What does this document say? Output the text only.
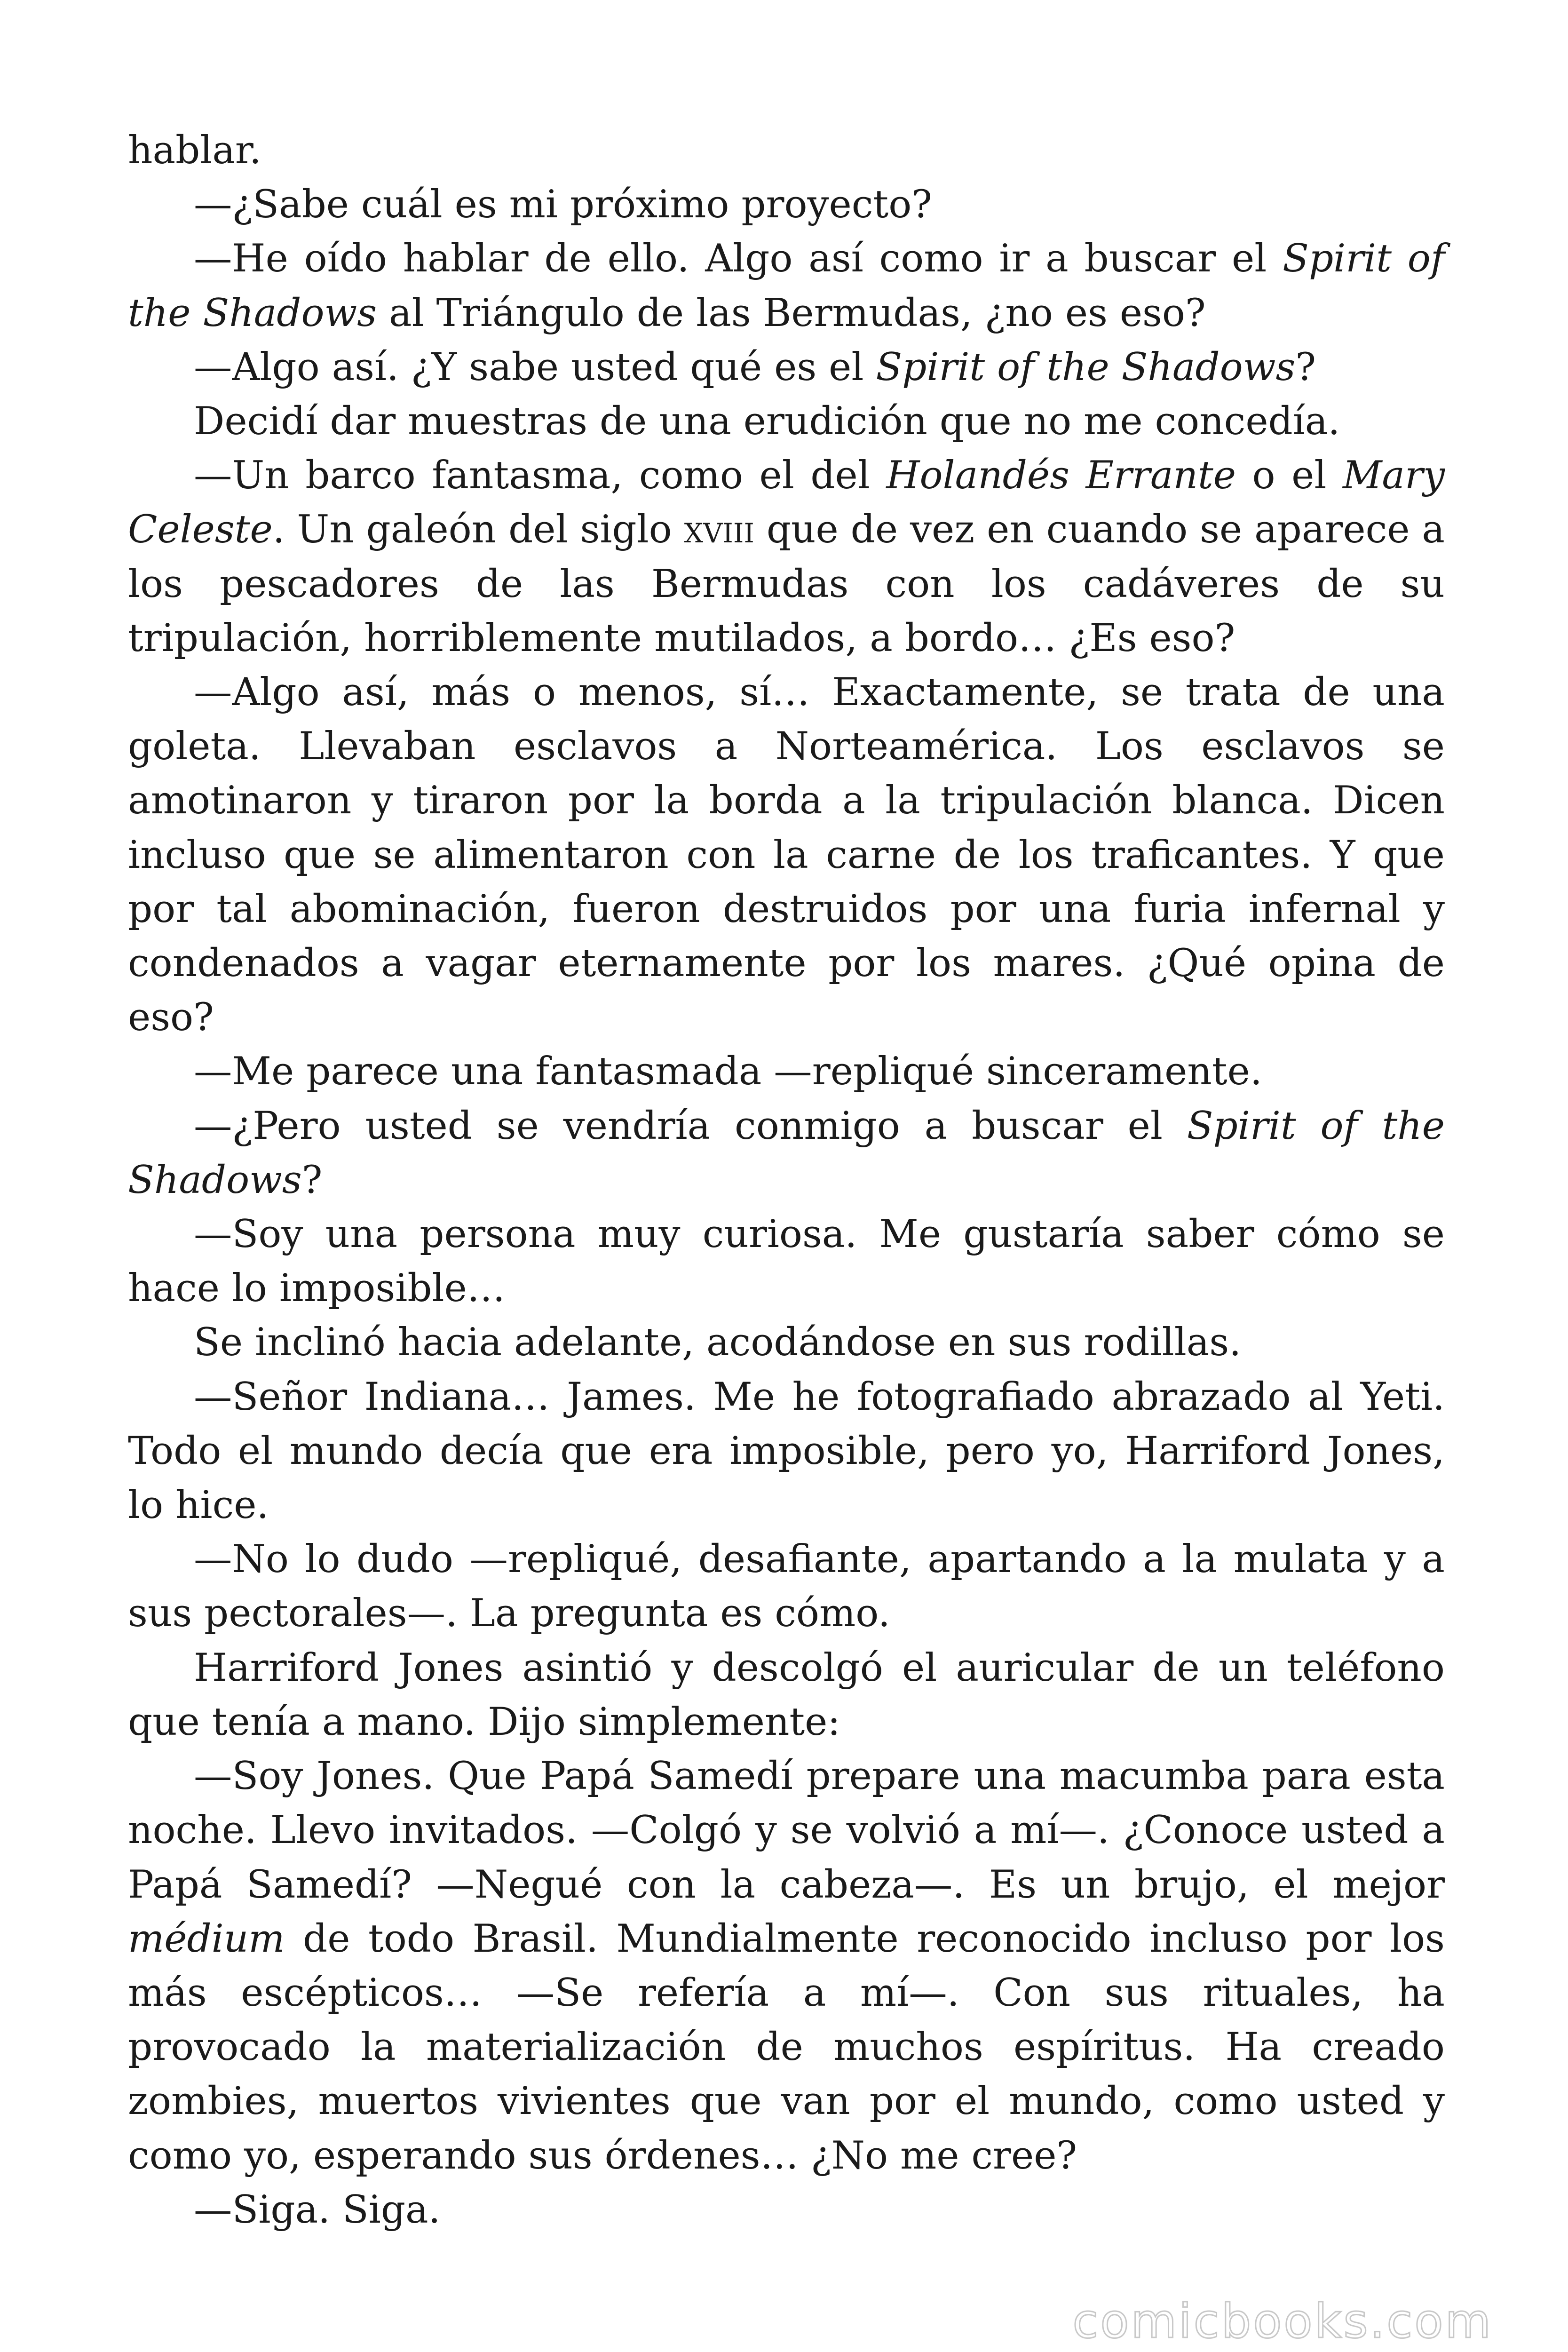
hablar.

—¿Sabe cuál es mi próximo proyecto?

—He oído hablar de ello. Algo así como ir a buscar el Spirit of the Shadows al Triángulo de las Bermudas, ¿no es eso?

—Algo así. ¿Y sabe usted qué es el Spirit of the Shadows?

Decidí dar muestras de una erudición que no me concedía.

—Un barco fantasma, como el del Holandés Errante o el Mary Celeste. Un galeón del siglo xviii que de vez en cuando se aparece a los pescadores de las Bermudas con los cadáveres de su tripulación, horriblemente mutilados, a bordo… ¿Es eso?

—Algo así, más o menos, sí… Exactamente, se trata de una goleta. Llevaban esclavos a Norteamérica. Los esclavos se amotinaron y tiraron por la borda a la tripulación blanca. Dicen incluso que se alimentaron con la carne de los traficantes. Y que por tal abominación, fueron destruidos por una furia infernal y condenados a vagar eternamente por los mares. ¿Qué opina de eso?

—Me parece una fantasmada —repliqué sinceramente.

—¿Pero usted se vendría conmigo a buscar el Spirit of the Shadows?

—Soy una persona muy curiosa. Me gustaría saber cómo se hace lo imposible…

Se inclinó hacia adelante, acodándose en sus rodillas.

—Señor Indiana… James. Me he fotografiado abrazado al Yeti. Todo el mundo decía que era imposible, pero yo, Harriford Jones, lo hice.

—No lo dudo —repliqué, desafiante, apartando a la mulata y a sus pectorales—. La pregunta es cómo.

Harriford Jones asintió y descolgó el auricular de un teléfono que tenía a mano. Dijo simplemente:

—Soy Jones. Que Papá Samedí prepare una macumba para esta noche. Llevo invitados. —Colgó y se volvió a mí—. ¿Conoce usted a Papá Samedí? —Negué con la cabeza—. Es un brujo, el mejor médium de todo Brasil. Mundialmente reconocido incluso por los más escépticos… —Se refería a mí—. Con sus rituales, ha provocado la materialización de muchos espíritus. Ha creado zombies, muertos vivientes que van por el mundo, como usted y como yo, esperando sus órdenes… ¿No me cree?

—Siga. Siga.

comicbooks.com
